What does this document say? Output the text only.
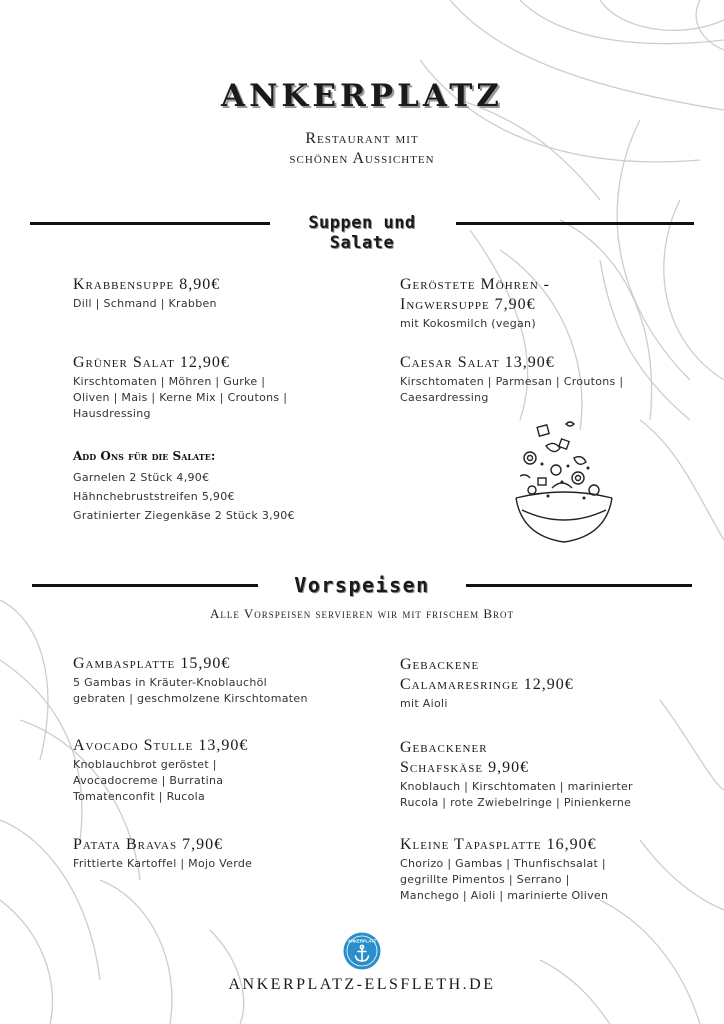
ANKERPLATZ
Restaurant mit
schönen Aussichten
Suppen und
Salate
Krabbensuppe 8,90€
Dill | Schmand | Krabben
Grüner Salat 12,90€
Kirschtomaten | Möhren | Gurke |
Oliven | Mais | Kerne Mix | Croutons |
Hausdressing
Geröstete Möhren -
Ingwersuppe 7,90€
mit Kokosmilch (vegan)
Caesar Salat 13,90€
Kirschtomaten | Parmesan | Croutons |
Caesardressing
Add Ons für die Salate:
Garnelen 2 Stück 4,90€
Hähnchebruststreifen 5,90€
Gratinierter Ziegenkäse 2 Stück 3,90€
Vorspeisen
Alle Vorspeisen servieren wir mit frischem Brot
Gambasplatte 15,90€
5 Gambas in Kräuter-Knoblauchöl
gebraten | geschmolzene Kirschtomaten
Avocado Stulle 13,90€
Knoblauchbrot geröstet |
Avocadocreme | Burratina
Tomatenconfit | Rucola
Patata Bravas 7,90€
Frittierte Kartoffel | Mojo Verde
Gebackene
Calamaresringe 12,90€
mit Aioli
Gebackener
Schafskäse 9,90€
Knoblauch | Kirschtomaten | marinierter
Rucola | rote Zwiebelringe | Pinienkerne
Kleine Tapasplatte 16,90€
Chorizo | Gambas | Thunfischsalat |
gegrillte Pimentos | Serrano |
Manchego | Aioli | marinierte Oliven
ANKERPLATZ
ANKERPLATZ-ELSFLETH.DE
